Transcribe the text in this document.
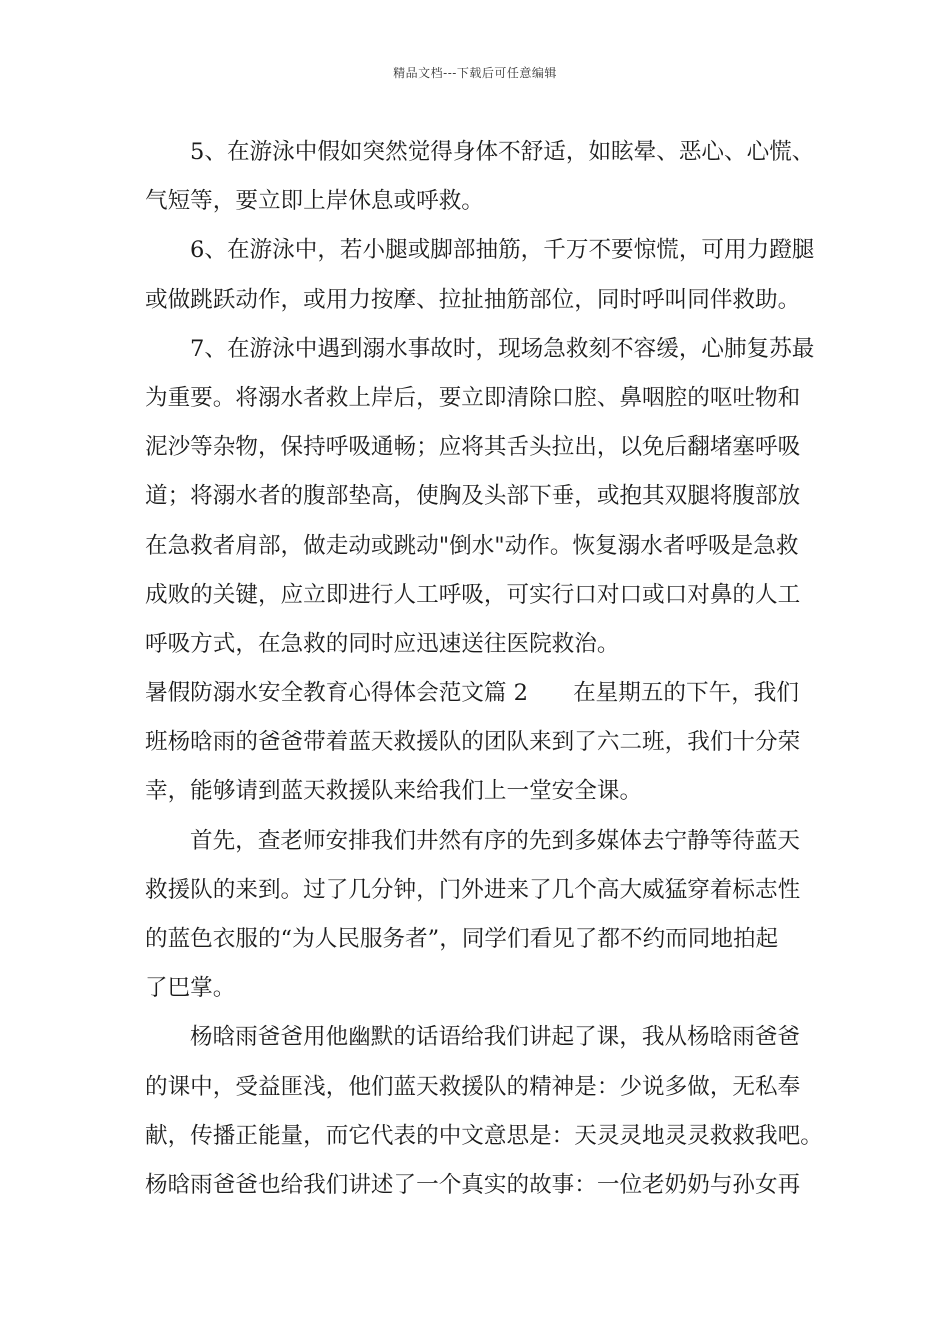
精品文档---下载后可任意编辑
5、在游泳中假如突然觉得身体不舒适，如眩晕、恶心、心慌、
气短等，要立即上岸休息或呼救。
6、在游泳中，若小腿或脚部抽筋，千万不要惊慌，可用力蹬腿
或做跳跃动作，或用力按摩、拉扯抽筋部位，同时呼叫同伴救助。
7、在游泳中遇到溺水事故时，现场急救刻不容缓，心肺复苏最
为重要。将溺水者救上岸后，要立即清除口腔、鼻咽腔的呕吐物和
泥沙等杂物，保持呼吸通畅；应将其舌头拉出，以免后翻堵塞呼吸
道；将溺水者的腹部垫高，使胸及头部下垂，或抱其双腿将腹部放
在急救者肩部，做走动或跳动"倒水"动作。恢复溺水者呼吸是急救
成败的关键，应立即进行人工呼吸，可实行口对口或口对鼻的人工
呼吸方式，在急救的同时应迅速送往医院救治。
暑假防溺水安全教育心得体会范文篇 2 在星期五的下午，我们
班杨晗雨的爸爸带着蓝天救援队的团队来到了六二班，我们十分荣
幸，能够请到蓝天救援队来给我们上一堂安全课。
首先，查老师安排我们井然有序的先到多媒体去宁静等待蓝天
救援队的来到。过了几分钟，门外进来了几个高大威猛穿着标志性
的蓝色衣服的“为人民服务者”，同学们看见了都不约而同地拍起
了巴掌。
杨晗雨爸爸用他幽默的话语给我们讲起了课，我从杨晗雨爸爸
的课中，受益匪浅，他们蓝天救援队的精神是：少说多做，无私奉
献，传播正能量，而它代表的中文意思是：天灵灵地灵灵救救我吧。
杨晗雨爸爸也给我们讲述了一个真实的故事：一位老奶奶与孙女再
